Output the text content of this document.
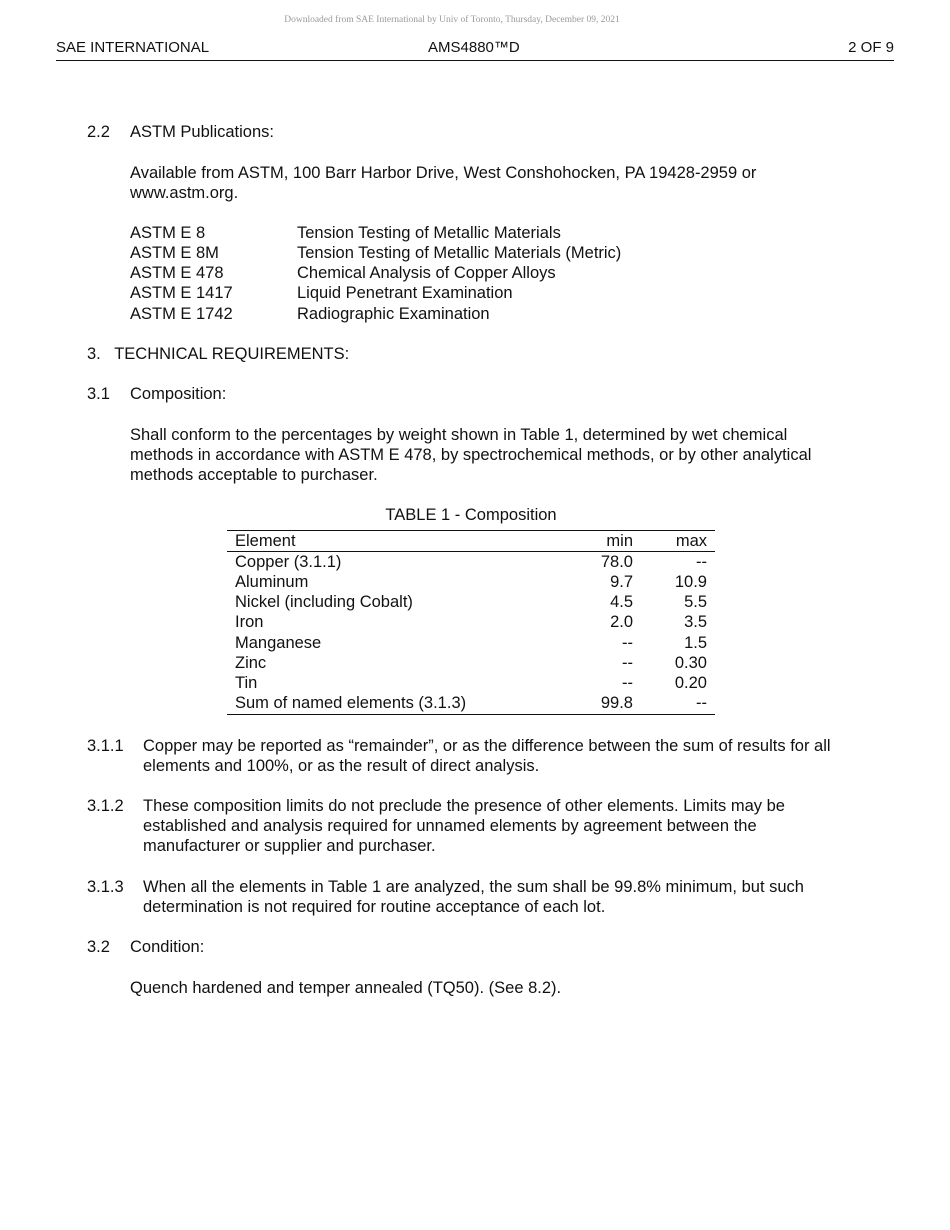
Downloaded from SAE International by Univ of Toronto, Thursday, December 09, 2021
SAE INTERNATIONAL	AMS4880™D	2 OF 9
2.2 ASTM Publications:
Available from ASTM, 100 Barr Harbor Drive, West Conshohocken, PA 19428-2959 or www.astm.org.
ASTM E 8	Tension Testing of Metallic Materials
ASTM E 8M	Tension Testing of Metallic Materials (Metric)
ASTM E 478	Chemical Analysis of Copper Alloys
ASTM E 1417	Liquid Penetrant Examination
ASTM E 1742	Radiographic Examination
3.   TECHNICAL REQUIREMENTS:
3.1 Composition:
Shall conform to the percentages by weight shown in Table 1, determined by wet chemical methods in accordance with ASTM E 478, by spectrochemical methods, or by other analytical methods acceptable to purchaser.
TABLE 1 - Composition
Element	min	max
Copper (3.1.1)	78.0	--
Aluminum	9.7	10.9
Nickel (including Cobalt)	4.5	5.5
Iron	2.0	3.5
Manganese	--	1.5
Zinc	--	0.30
Tin	--	0.20
Sum of named elements (3.1.3)	99.8	--
3.1.1 Copper may be reported as “remainder”, or as the difference between the sum of results for all elements and 100%, or as the result of direct analysis.
3.1.2 These composition limits do not preclude the presence of other elements. Limits may be established and analysis required for unnamed elements by agreement between the manufacturer or supplier and purchaser.
3.1.3 When all the elements in Table 1 are analyzed, the sum shall be 99.8% minimum, but such determination is not required for routine acceptance of each lot.
3.2 Condition:
Quench hardened and temper annealed (TQ50). (See 8.2).
